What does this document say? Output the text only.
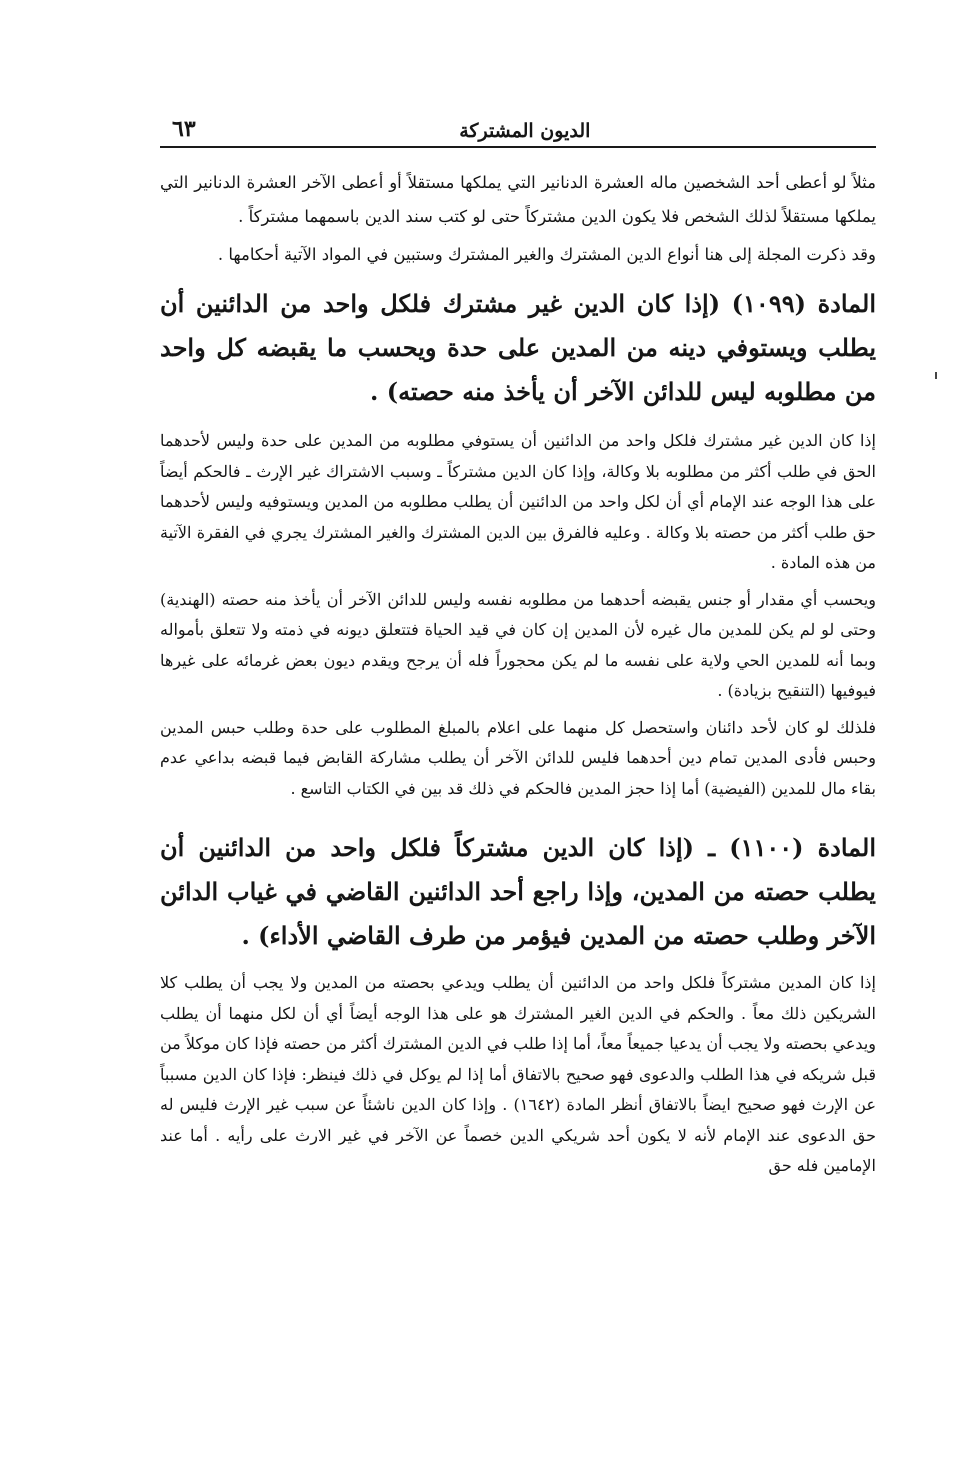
الديون المشتركة
٦٣

مثلاً لو أعطى أحد الشخصين ماله العشرة الدنانير التي يملكها مستقلاً أو أعطى الآخر العشرة الدنانير التي يملكها مستقلاً لذلك الشخص فلا يكون الدين مشتركاً حتى لو كتب سند الدين باسمهما مشتركاً .

وقد ذكرت المجلة إلى هنا أنواع الدين المشترك والغير المشترك وستبين في المواد الآتية أحكامها .

المادة (١٠٩٩) (إذا كان الدين غير مشترك فلكل واحد من الدائنين أن يطلب ويستوفي دينه من المدين على حدة ويحسب ما يقبضه كل واحد من مطلوبه ليس للدائن الآخر أن يأخذ منه حصته) .

إذا كان الدين غير مشترك فلكل واحد من الدائنين أن يستوفي مطلوبه من المدين على حدة وليس لأحدهما الحق في طلب أكثر من مطلوبه بلا وكالة، وإذا كان الدين مشتركاً ـ وسبب الاشتراك غير الإرث ـ فالحكم أيضاً على هذا الوجه عند الإمام أي أن لكل واحد من الدائنين أن يطلب مطلوبه من المدين ويستوفيه وليس لأحدهما حق طلب أكثر من حصته بلا وكالة . وعليه فالفرق بين الدين المشترك والغير المشترك يجري في الفقرة الآتية من هذه المادة .

ويحسب أي مقدار أو جنس يقبضه أحدهما من مطلوبه نفسه وليس للدائن الآخر أن يأخذ منه حصته (الهندية) وحتى لو لم يكن للمدين مال غيره لأن المدين إن كان في قيد الحياة فتتعلق ديونه في ذمته ولا تتعلق بأمواله وبما أنه للمدين الحي ولاية على نفسه ما لم يكن محجوراً فله أن يرجح ويقدم ديون بعض غرمائه على غيرها فيوفيها (التنقيح بزيادة) .

فلذلك لو كان لأحد دائنان واستحصل كل منهما على اعلام بالمبلغ المطلوب على حدة وطلب حبس المدين وحبس فأدى المدين تمام دين أحدهما فليس للدائن الآخر أن يطلب مشاركة القابض فيما قبضه بداعي عدم بقاء مال للمدين (الفيضية) أما إذا حجز المدين فالحكم في ذلك قد بين في الكتاب التاسع .

المادة (١١٠٠) ـ (إذا كان الدين مشتركاً فلكل واحد من الدائنين أن يطلب حصته من المدين، وإذا راجع أحد الدائنين القاضي في غياب الدائن الآخر وطلب حصته من المدين فيؤمر من طرف القاضي الأداء) .

إذا كان المدين مشتركاً فلكل واحد من الدائنين أن يطلب ويدعي بحصته من المدين ولا يجب أن يطلب كلا الشريكين ذلك معاً . والحكم في الدين الغير المشترك هو على هذا الوجه أيضاً أي أن لكل منهما أن يطلب ويدعي بحصته ولا يجب أن يدعيا جميعاً معاً، أما إذا طلب في الدين المشترك أكثر من حصته فإذا كان موكلاً من قبل شريكه في هذا الطلب والدعوى فهو صحيح بالاتفاق أما إذا لم يوكل في ذلك فينظر: فإذا كان الدين مسبباً عن الإرث فهو صحيح ايضاً بالاتفاق أنظر المادة (١٦٤٢) . وإذا كان الدين ناشئاً عن سبب غير الإرث فليس له حق الدعوى عند الإمام لأنه لا يكون أحد شريكي الدين خصماً عن الآخر في غير الارث على رأيه . أما عند الإمامين فله حق
